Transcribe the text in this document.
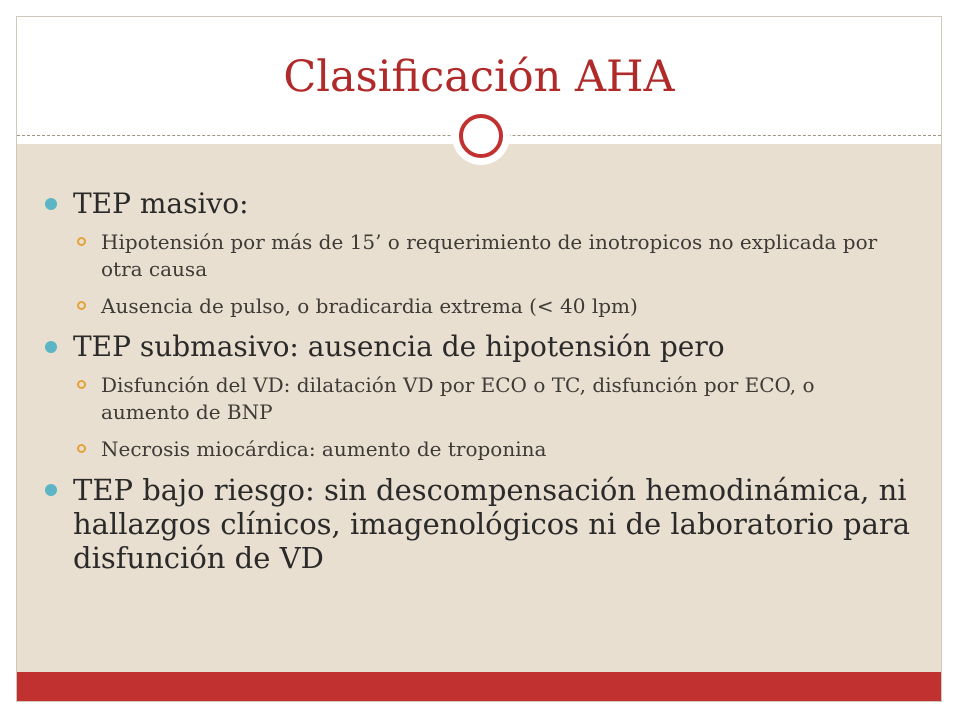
Clasificación AHA
TEP masivo:
Hipotensión por más de 15’ o requerimiento de inotropicos no explicada por otra causa
Ausencia de pulso, o bradicardia extrema (< 40 lpm)
TEP submasivo: ausencia de hipotensión pero
Disfunción del VD: dilatación VD por ECO o TC, disfunción por ECO, o aumento de BNP
Necrosis miocárdica: aumento de troponina
TEP bajo riesgo: sin descompensación hemodinámica, ni hallazgos clínicos, imagenológicos ni de laboratorio para disfunción de VD
